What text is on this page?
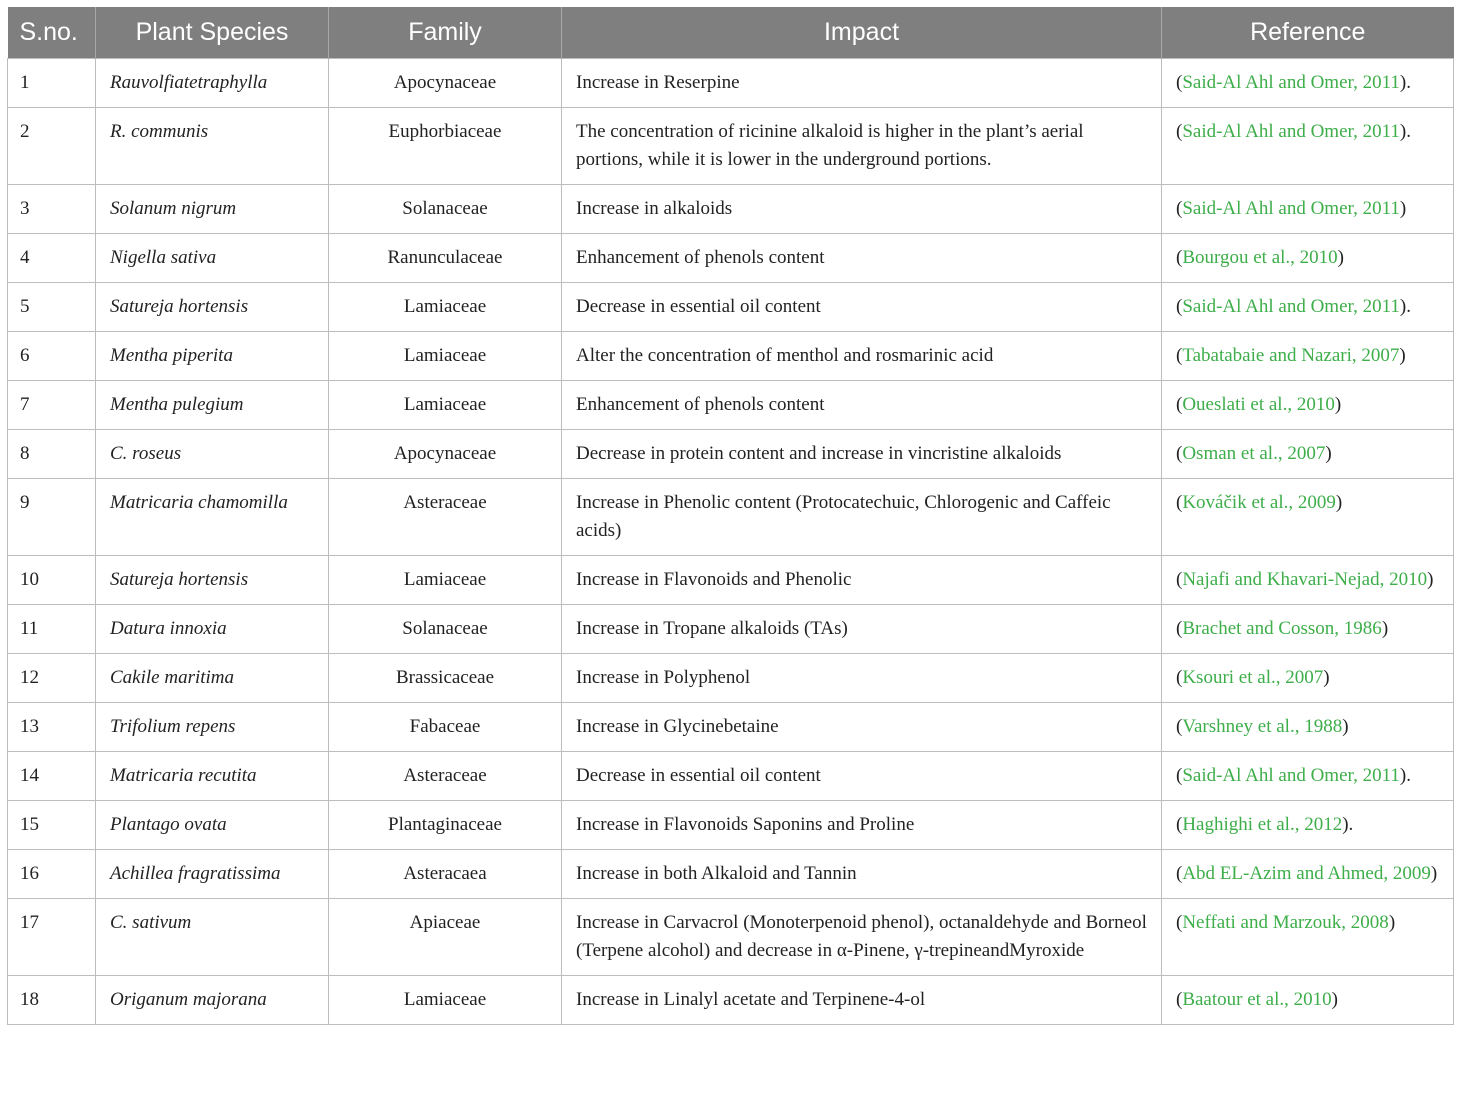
S.no.	Plant Species	Family	Impact	Reference
1	Rauvolfiatetraphylla	Apocynaceae	Increase in Reserpine	(Said-Al Ahl and Omer, 2011).
2	R. communis	Euphorbiaceae	The concentration of ricinine alkaloid is higher in the plant’s aerial portions, while it is lower in the underground portions.	(Said-Al Ahl and Omer, 2011).
3	Solanum nigrum	Solanaceae	Increase in alkaloids	(Said-Al Ahl and Omer, 2011)
4	Nigella sativa	Ranunculaceae	Enhancement of phenols content	(Bourgou et al., 2010)
5	Satureja hortensis	Lamiaceae	Decrease in essential oil content	(Said-Al Ahl and Omer, 2011).
6	Mentha piperita	Lamiaceae	Alter the concentration of menthol and rosmarinic acid	(Tabatabaie and Nazari, 2007)
7	Mentha pulegium	Lamiaceae	Enhancement of phenols content	(Oueslati et al., 2010)
8	C. roseus	Apocynaceae	Decrease in protein content and increase in vincristine alkaloids	(Osman et al., 2007)
9	Matricaria chamomilla	Asteraceae	Increase in Phenolic content (Protocatechuic, Chlorogenic and Caffeic acids)	(Kováčik et al., 2009)
10	Satureja hortensis	Lamiaceae	Increase in Flavonoids and Phenolic	(Najafi and Khavari-Nejad, 2010)
11	Datura innoxia	Solanaceae	Increase in Tropane alkaloids (TAs)	(Brachet and Cosson, 1986)
12	Cakile maritima	Brassicaceae	Increase in Polyphenol	(Ksouri et al., 2007)
13	Trifolium repens	Fabaceae	Increase in Glycinebetaine	(Varshney et al., 1988)
14	Matricaria recutita	Asteraceae	Decrease in essential oil content	(Said-Al Ahl and Omer, 2011).
15	Plantago ovata	Plantaginaceae	Increase in Flavonoids Saponins and Proline	(Haghighi et al., 2012).
16	Achillea fragratissima	Asteracaea	Increase in both Alkaloid and Tannin	(Abd EL-Azim and Ahmed, 2009)
17	C. sativum	Apiaceae	Increase in Carvacrol (Monoterpenoid phenol), octanaldehyde and Borneol (Terpene alcohol) and decrease in α-Pinene, γ-trepineandMyroxide	(Neffati and Marzouk, 2008)
18	Origanum majorana	Lamiaceae	Increase in Linalyl acetate and Terpinene-4-ol	(Baatour et al., 2010)
